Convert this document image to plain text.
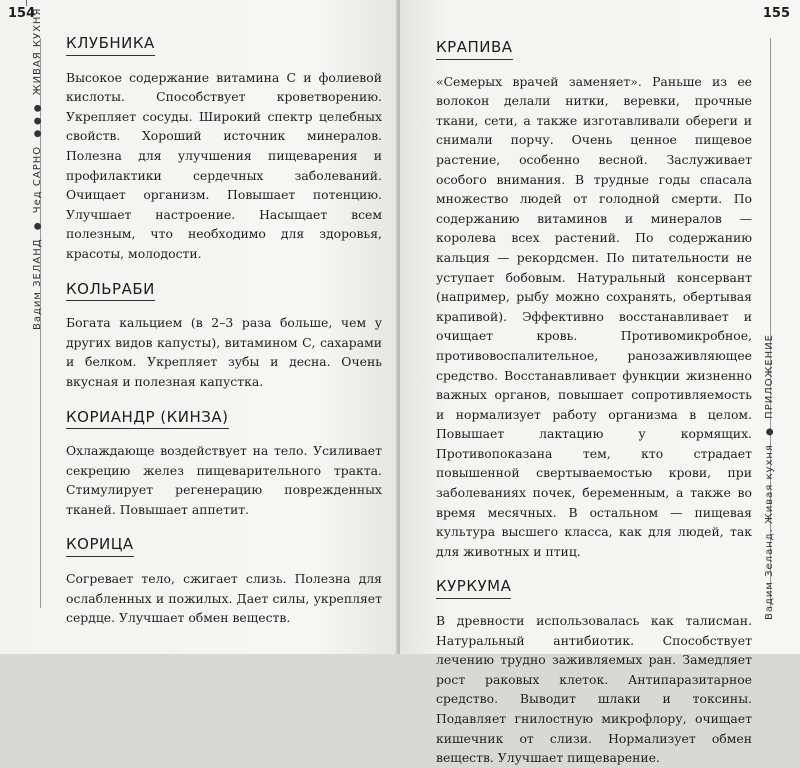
154
КЛУБНИКА

Высокое содержание витамина С и фолиевой кислоты. Способствует кроветворению. Укрепляет сосуды. Широкий спектр целебных свойств. Хороший источник минералов. Полезна для улучшения пищеварения и профилактики сердечных заболеваний. Очищает организм. Повышает потенцию. Улучшает настроение. Насыщает всем полезным, что необходимо для здоровья, красоты, молодости.

КОЛЬРАБИ

Богата кальцием (в 2–3 раза больше, чем у других видов капусты), витамином С, сахарами и белком. Укрепляет зубы и десна. Очень вкусная и полезная капустка.

КОРИАНДР (КИНЗА)

Охлаждающе воздействует на тело. Усиливает секрецию желез пищеварительного тракта. Стимулирует регенерацию поврежденных тканей. Повышает аппетит.

КОРИЦА

Согревает тело, сжигает слизь. Полезна для ослабленных и пожилых. Дает силы, укрепляет сердце. Улучшает обмен веществ.

155
КРАПИВА

«Семерых врачей заменяет». Раньше из ее волокон делали нитки, веревки, прочные ткани, сети, а также изготавливали обереги и снимали порчу. Очень ценное пищевое растение, особенно весной. Заслуживает особого внимания. В трудные годы спасала множество людей от голодной смерти. По содержанию витаминов и минералов — королева всех растений. По содержанию кальция — рекордсмен. По питательности не уступает бобовым. Натуральный консервант (например, рыбу можно сохранять, обертывая крапивой). Эффективно восстанавливает и очищает кровь. Противомикробное, противовоспалительное, ранозаживляющее средство. Восстанавливает функции жизненно важных органов, повышает сопротивляемость и нормализует работу организма в целом. Повышает лактацию у кормящих. Противопоказана тем, кто страдает повышенной свертываемостью крови, при заболеваниях почек, беременным, а также во время месячных. В остальном — пищевая культура высшего класса, как для людей, так для животных и птиц.

КУРКУМА

В древности использовалась как талисман. Натуральный антибиотик. Способствует лечению трудно заживляемых ран. Замедляет рост раковых клеток. Антипаразитарное средство. Выводит шлаки и токсины. Подавляет гнилостную микрофлору, очищает кишечник от слизи. Нормализует обмен веществ. Улучшает пищеварение.

Вадим ЗЕЛАНД ● Чед САРНО ● ● ● ЖИВАЯ КУХНЯ
Вадим Зеланд. Живая кухня ● ПРИЛОЖЕНИЕ
